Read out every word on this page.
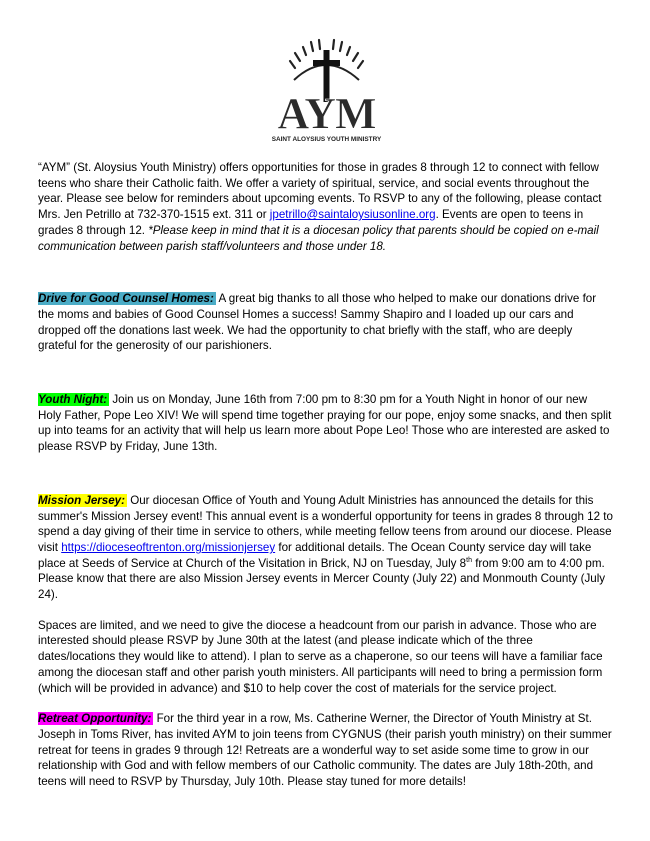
AYM
SAINT ALOYSIUS YOUTH MINISTRY

“AYM” (St. Aloysius Youth Ministry) offers opportunities for those in grades 8 through 12 to connect with fellow teens who share their Catholic faith. We offer a variety of spiritual, service, and social events throughout the year. Please see below for reminders about upcoming events. To RSVP to any of the following, please contact Mrs. Jen Petrillo at 732-370-1515 ext. 311 or jpetrillo@saintaloysiusonline.org. Events are open to teens in grades 8 through 12. *Please keep in mind that it is a diocesan policy that parents should be copied on e-mail communication between parish staff/volunteers and those under 18.

Drive for Good Counsel Homes: A great big thanks to all those who helped to make our donations drive for the moms and babies of Good Counsel Homes a success! Sammy Shapiro and I loaded up our cars and dropped off the donations last week. We had the opportunity to chat briefly with the staff, who are deeply grateful for the generosity of our parishioners.

Youth Night: Join us on Monday, June 16th from 7:00 pm to 8:30 pm for a Youth Night in honor of our new Holy Father, Pope Leo XIV! We will spend time together praying for our pope, enjoy some snacks, and then split up into teams for an activity that will help us learn more about Pope Leo! Those who are interested are asked to please RSVP by Friday, June 13th.

Mission Jersey: Our diocesan Office of Youth and Young Adult Ministries has announced the details for this summer's Mission Jersey event! This annual event is a wonderful opportunity for teens in grades 8 through 12 to spend a day giving of their time in service to others, while meeting fellow teens from around our diocese. Please visit https://dioceseoftrenton.org/missionjersey for additional details. The Ocean County service day will take place at Seeds of Service at Church of the Visitation in Brick, NJ on Tuesday, July 8th from 9:00 am to 4:00 pm. Please know that there are also Mission Jersey events in Mercer County (July 22) and Monmouth County (July 24).

Spaces are limited, and we need to give the diocese a headcount from our parish in advance. Those who are interested should please RSVP by June 30th at the latest (and please indicate which of the three dates/locations they would like to attend). I plan to serve as a chaperone, so our teens will have a familiar face among the diocesan staff and other parish youth ministers. All participants will need to bring a permission form (which will be provided in advance) and $10 to help cover the cost of materials for the service project.

Retreat Opportunity: For the third year in a row, Ms. Catherine Werner, the Director of Youth Ministry at St. Joseph in Toms River, has invited AYM to join teens from CYGNUS (their parish youth ministry) on their summer retreat for teens in grades 9 through 12! Retreats are a wonderful way to set aside some time to grow in our relationship with God and with fellow members of our Catholic community. The dates are July 18th-20th, and teens will need to RSVP by Thursday, July 10th. Please stay tuned for more details!
